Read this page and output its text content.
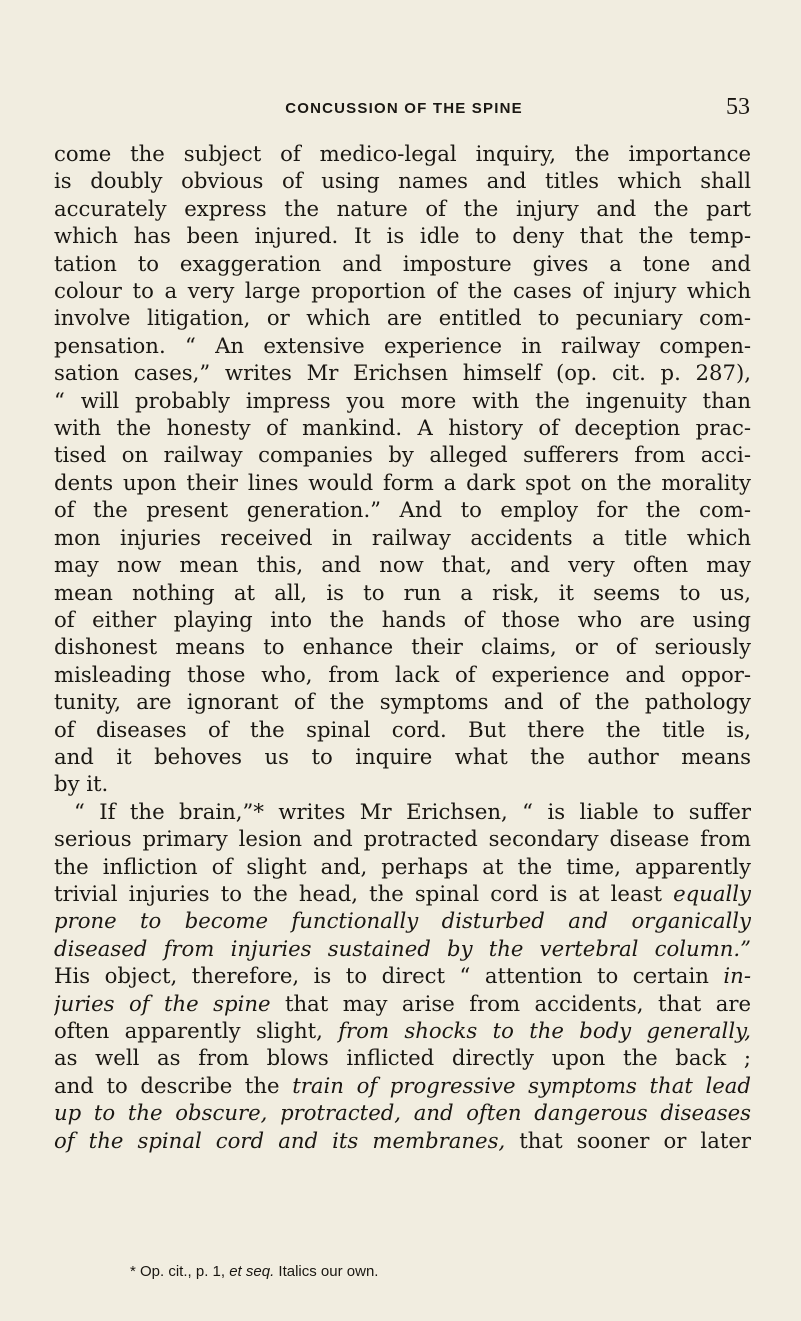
CONCUSSION OF THE SPINE	53
come the subject of medico-legal inquiry, the importance
is doubly obvious of using names and titles which shall
accurately express the nature of the injury and the part
which has been injured. It is idle to deny that the temp-
tation to exaggeration and imposture gives a tone and
colour to a very large proportion of the cases of injury which
involve litigation, or which are entitled to pecuniary com-
pensation. “ An extensive experience in railway compen-
sation cases,” writes Mr Erichsen himself (op. cit. p. 287),
“ will probably impress you more with the ingenuity than
with the honesty of mankind. A history of deception prac-
tised on railway companies by alleged sufferers from acci-
dents upon their lines would form a dark spot on the morality
of the present generation.” And to employ for the com-
mon injuries received in railway accidents a title which
may now mean this, and now that, and very often may
mean nothing at all, is to run a risk, it seems to us,
of either playing into the hands of those who are using
dishonest means to enhance their claims, or of seriously
misleading those who, from lack of experience and oppor-
tunity, are ignorant of the symptoms and of the pathology
of diseases of the spinal cord. But there the title is,
and it behoves us to inquire what the author means
by it.
“ If the brain,”* writes Mr Erichsen, “ is liable to suffer
serious primary lesion and protracted secondary disease from
the infliction of slight and, perhaps at the time, apparently
trivial injuries to the head, the spinal cord is at least equally
prone to become functionally disturbed and organically
diseased from injuries sustained by the vertebral column.”
His object, therefore, is to direct “ attention to certain in-
juries of the spine that may arise from accidents, that are
often apparently slight, from shocks to the body generally,
as well as from blows inflicted directly upon the back ;
and to describe the train of progressive symptoms that lead
up to the obscure, protracted, and often dangerous diseases
of the spinal cord and its membranes, that sooner or later
* Op. cit., p. 1, et seq. Italics our own.
